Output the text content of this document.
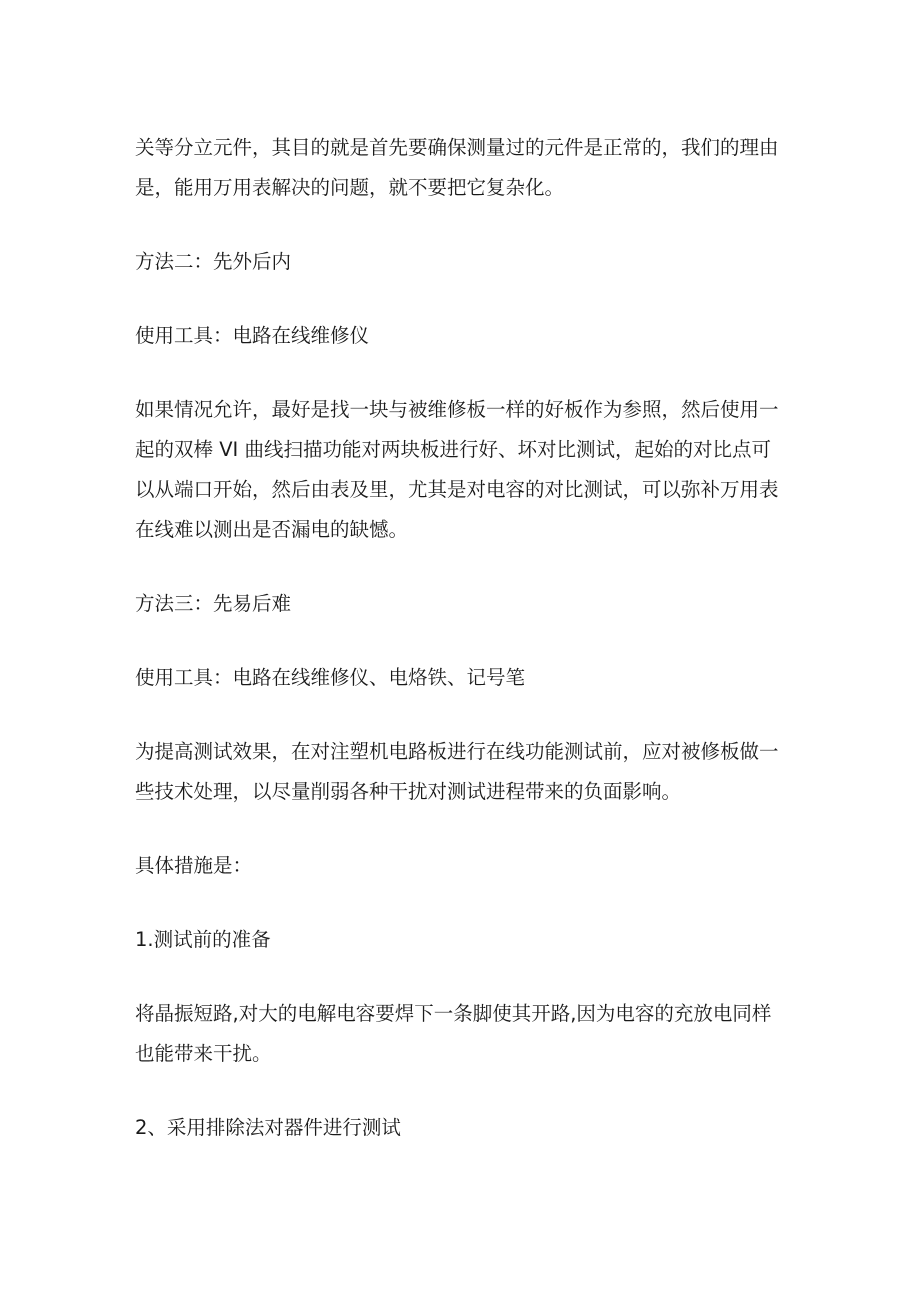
关等分立元件，其目的就是首先要确保测量过的元件是正常的，我们的理由
是，能用万用表解决的问题，就不要把它复杂化。

方法二：先外后内

使用工具：电路在线维修仪

如果情况允许，最好是找一块与被维修板一样的好板作为参照，然后使用一
起的双棒 VI 曲线扫描功能对两块板进行好、坏对比测试，起始的对比点可
以从端口开始，然后由表及里，尤其是对电容的对比测试，可以弥补万用表
在线难以测出是否漏电的缺憾。

方法三：先易后难

使用工具：电路在线维修仪、电烙铁、记号笔

为提高测试效果，在对注塑机电路板进行在线功能测试前，应对被修板做一
些技术处理，以尽量削弱各种干扰对测试进程带来的负面影响。

具体措施是：

1.测试前的准备

将晶振短路,对大的电解电容要焊下一条脚使其开路,因为电容的充放电同样
也能带来干扰。

2、采用排除法对器件进行测试
